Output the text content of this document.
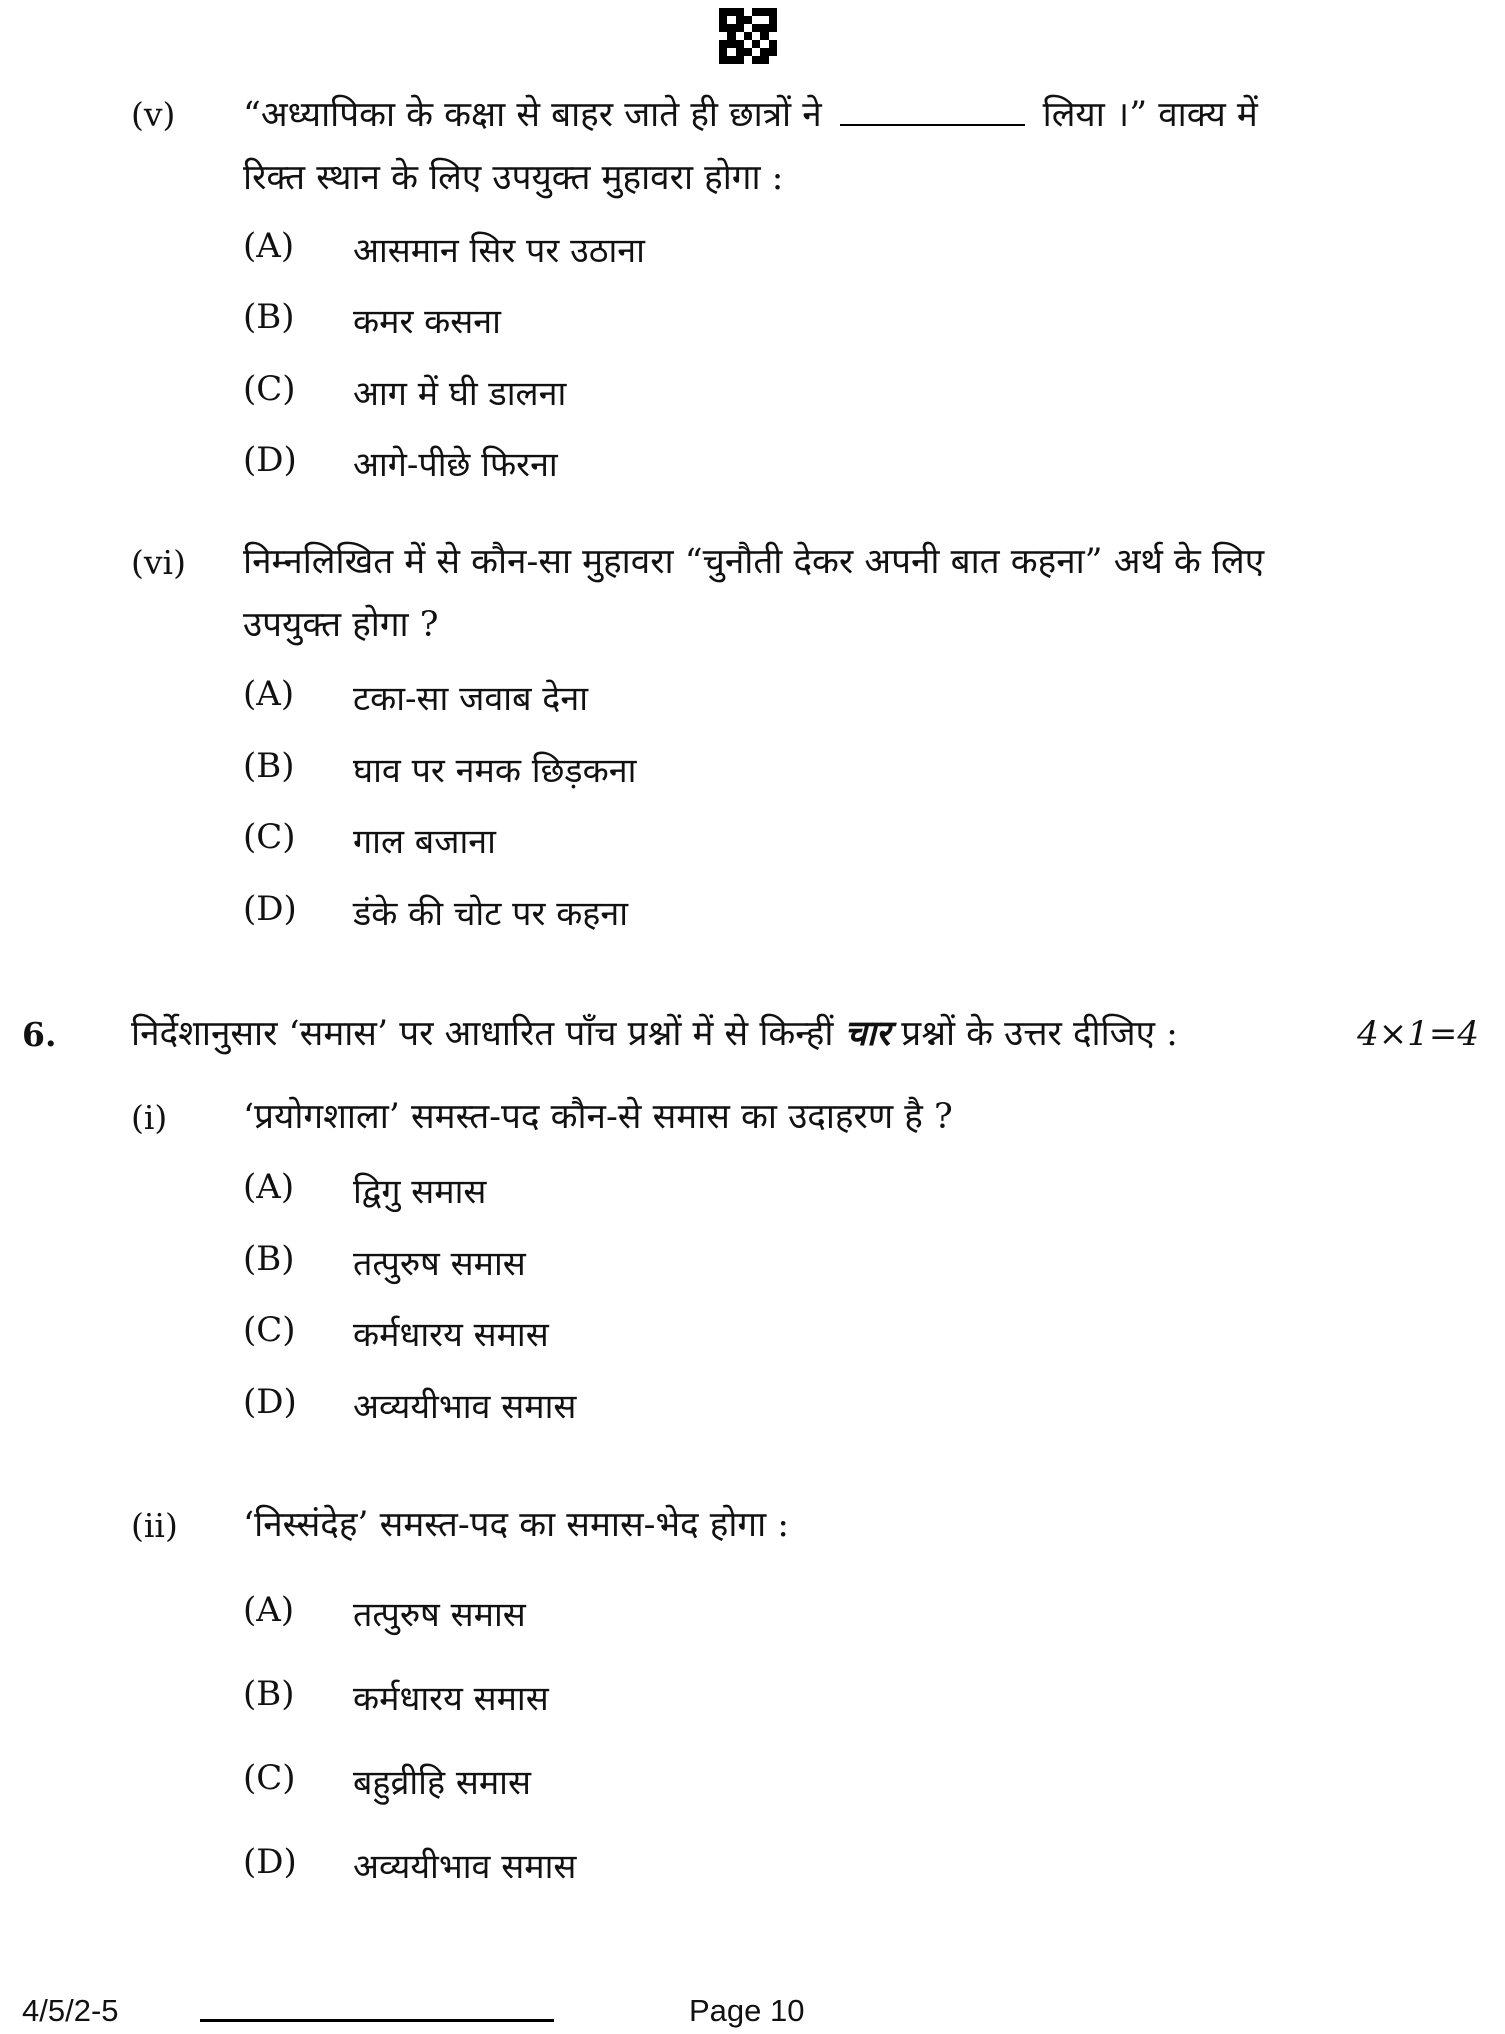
(v) “अध्यापिका के कक्षा से बाहर जाते ही छात्रों ने	लिया ।” वाक्य में
रिक्त स्थान के लिए उपयुक्त मुहावरा होगा :
(A)	आसमान सिर पर उठाना
(B)	कमर कसना
(C)	आग में घी डालना
(D)	आगे-पीछे फिरना
(vi) निम्नलिखित में से कौन-सा मुहावरा “चुनौती देकर अपनी बात कहना” अर्थ के लिए
उपयुक्त होगा ?
(A)	टका-सा जवाब देना
(B)	घाव पर नमक छिड़कना
(C)	गाल बजाना
(D)	डंके की चोट पर कहना
6. निर्देशानुसार ‘समास’ पर आधारित पाँच प्रश्नों में से किन्हीं चार प्रश्नों के उत्तर दीजिए :	4×1=4
(i) ‘प्रयोगशाला’ समस्त-पद कौन-से समास का उदाहरण है ?
(A)	द्विगु समास
(B)	तत्पुरुष समास
(C)	कर्मधारय समास
(D)	अव्ययीभाव समास
(ii) ‘निस्संदेह’ समस्त-पद का समास-भेद होगा :
(A)	तत्पुरुष समास
(B)	कर्मधारय समास
(C)	बहुव्रीहि समास
(D)	अव्ययीभाव समास
4/5/2-5	Page 10
